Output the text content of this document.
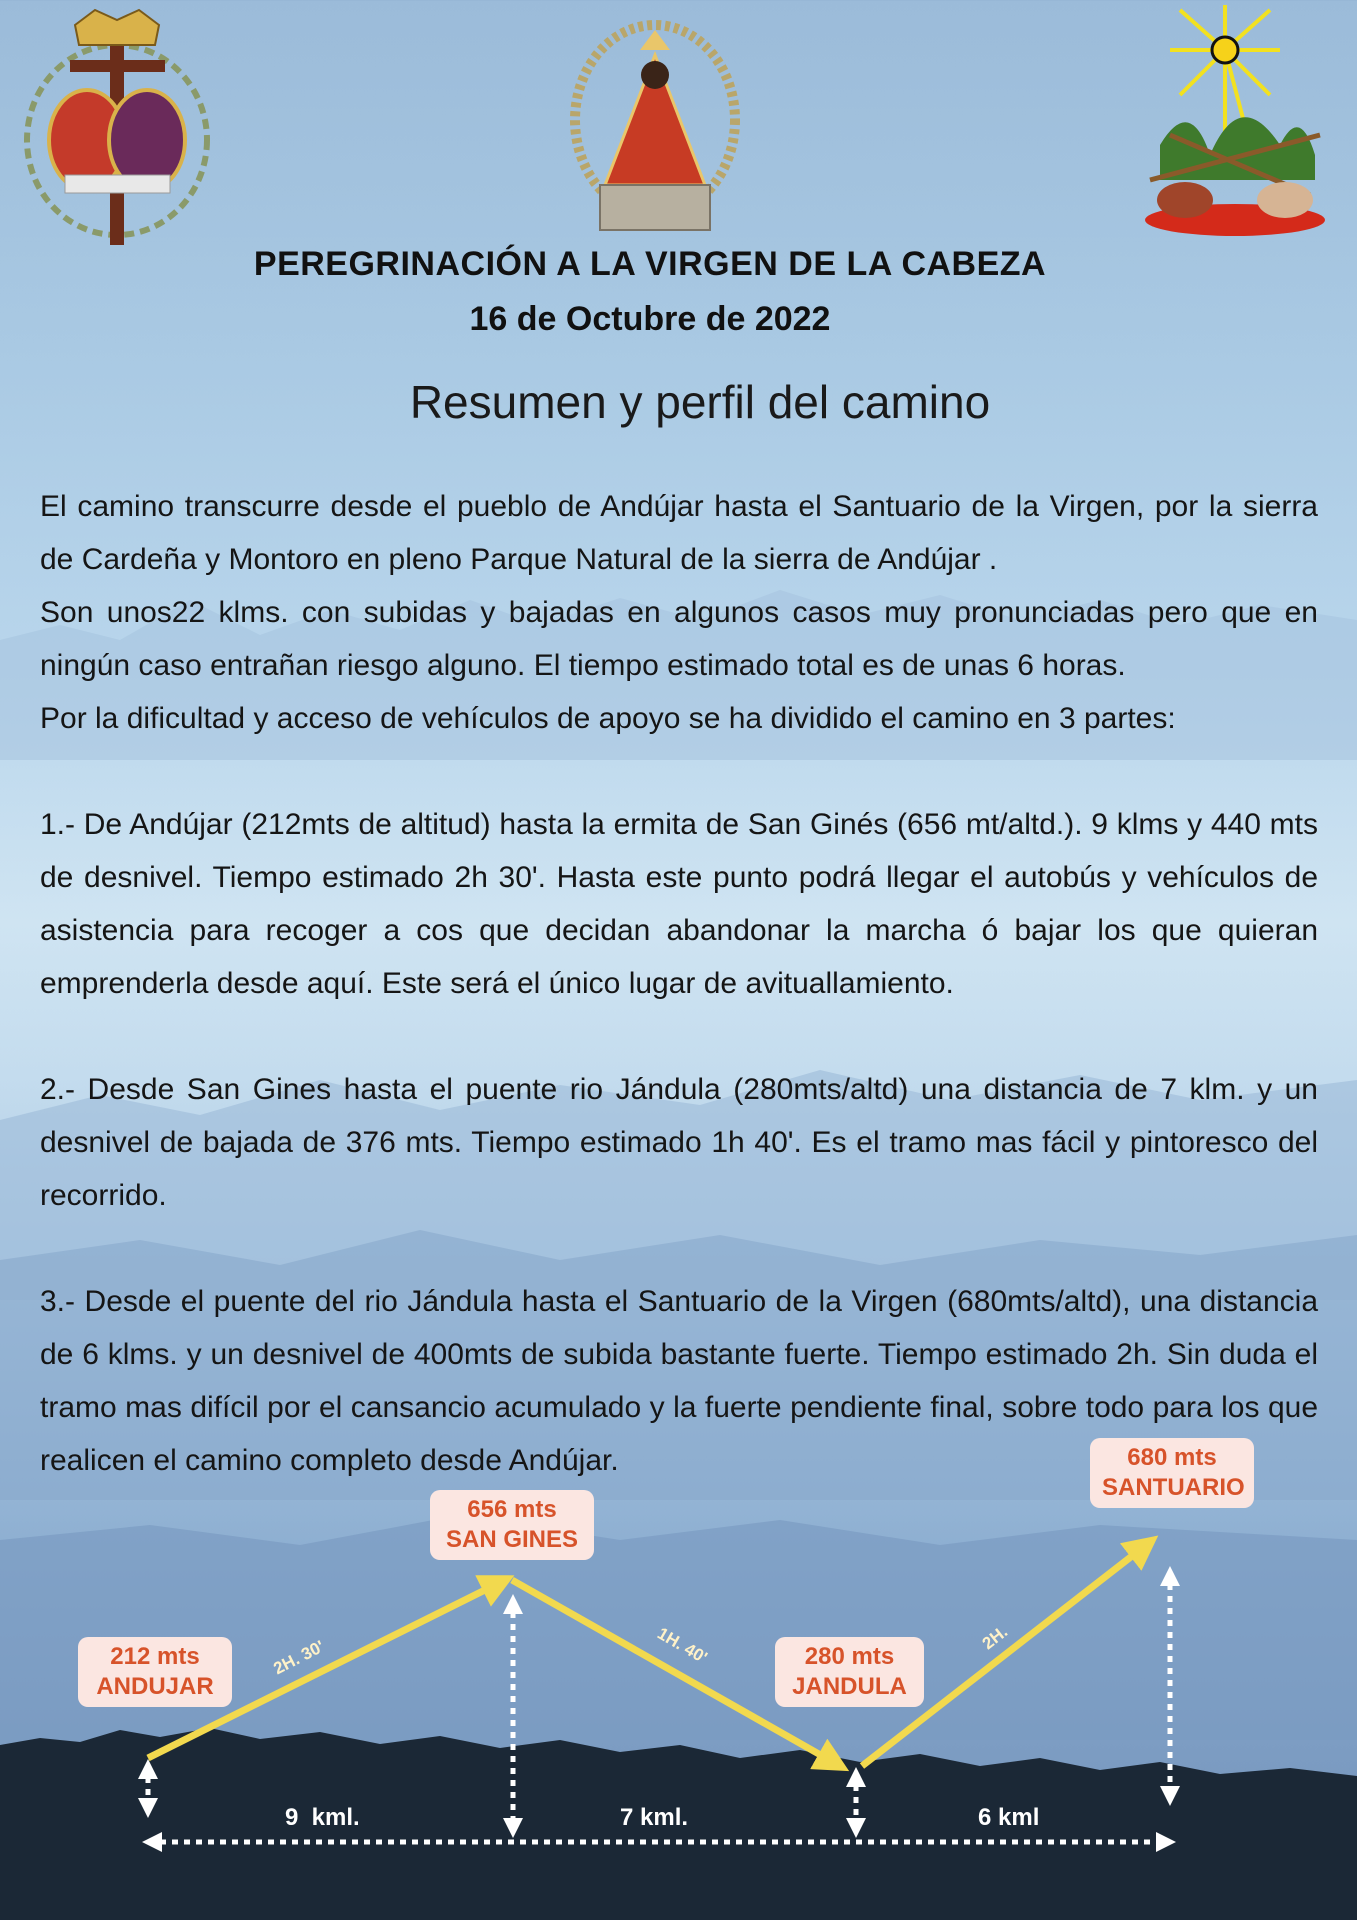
PEREGRINACIÓN A LA VIRGEN DE LA CABEZA
16 de Octubre de 2022
Resumen y perfil del camino

El camino transcurre desde el pueblo de Andújar hasta el Santuario de la Virgen, por la sierra de Cardeña y Montoro en pleno Parque Natural de la sierra de Andújar .

Son unos22 klms. con subidas y bajadas en algunos casos muy pronunciadas pero que en ningún caso entrañan riesgo alguno. El tiempo estimado total es de unas 6 horas.

Por la dificultad y acceso de vehículos de apoyo se ha dividido el camino en 3 partes:

1.- De Andújar (212mts de altitud) hasta la ermita de San Ginés (656 mt/altd.). 9 klms y 440 mts de desnivel. Tiempo estimado 2h 30'. Hasta este punto podrá llegar el autobús y vehículos de asistencia para recoger a cos que decidan abandonar la marcha ó bajar los que quieran emprenderla desde aquí. Este será el único lugar de avituallamiento.

2.- Desde San Gines hasta el puente rio Jándula (280mts/altd) una distancia de 7 klm. y un desnivel de bajada de 376 mts. Tiempo estimado 1h 40'. Es el tramo mas fácil y pintoresco del recorrido.

3.- Desde el puente del rio Jándula hasta el Santuario de la Virgen (680mts/altd), una distancia de 6 klms. y un desnivel de 400mts de subida bastante fuerte. Tiempo estimado 2h. Sin duda el tramo mas difícil por el cansancio acumulado y la fuerte pendiente final, sobre todo para los que realicen el camino completo desde Andújar.

212 mts
ANDUJAR
656 mts
SAN GINES
280 mts
JANDULA
680 mts
SANTUARIO
2H. 30'	1H. 40'	2H.
9  kml.	7 kml.	6 kml
